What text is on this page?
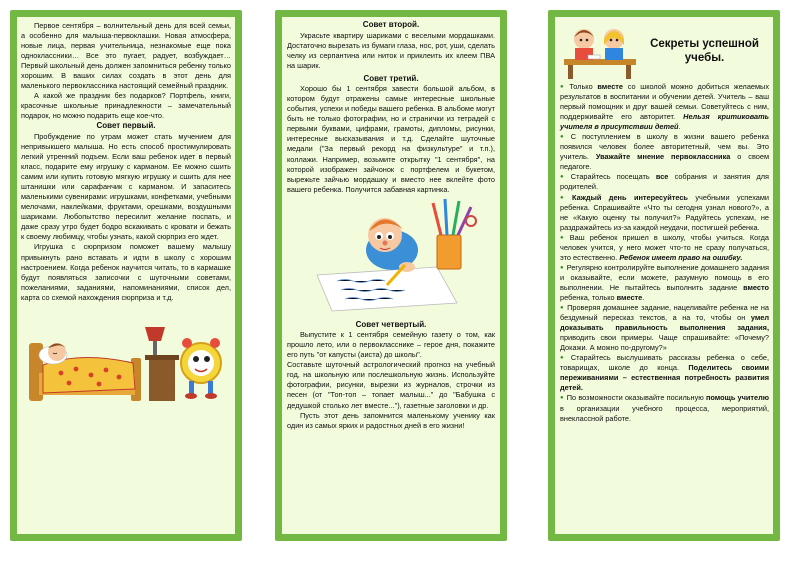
Первое сентября – волнительный день для всей семьи, а особенно для малыша-первоклашки. Новая атмосфера, новые лица, первая учительница, незнакомые еще пока одноклассники… Все это пугает, радует, возбуждает… Первый школьный день должен запомниться ребенку только хорошим. В ваших силах создать в этот день для маленького первоклассника настоящий семейный праздник.

А какой же праздник без подарков? Портфель, книги, красочные школьные принадлежности – замечательный подарок, но можно подарить еще кое-что.

Совет первый.

Пробуждение по утрам может стать мучением для непривыкшего малыша. Но есть способ простимулировать легкий утренний подъем. Если ваш ребенок идет в первый класс, подарите ему игрушку с карманом. Ее можно сшить самим или купить готовую мягкую игрушку и сшить для нее штанишки или сарафанчик с карманом. И запаситесь маленькими сувенирами: игрушками, конфетками, учебными мелочами, наклейками, фруктами, орешками, воздушными шариками. Любопытство пересилит желание поспать, и даже сразу утро будет бодро вскакивать с кровати и бежать к своему любимцу, чтобы узнать, какой сюрприз его ждет.

Игрушка с сюрпризом поможет вашему малышу привыкнуть рано вставать и идти в школу с хорошим настроением. Когда ребенок научится читать, то в кармашке будут появляться записочки с шуточными советами, пожеланиями, заданиями, напоминаниями, список дел, карта со схемой нахождения сюрприза и т.д.

Совет второй.

Украсьте квартиру шариками с веселыми мордашками. Достаточно вырезать из бумаги глаза, нос, рот, уши, сделать челку из серпантина или ниток и приклеить их клеем ПВА на шарик.

Совет третий.

Хорошо бы 1 сентября завести большой альбом, в котором будут отражены самые интересные школьные события, успехи и победы вашего ребенка. В альбоме могут быть не только фотографии, но и странички из тетрадей с первыми буквами, цифрами, грамоты, дипломы, рисунки, интересные высказывания и т.д. Сделайте шуточные медали ("За первый рекорд на физкультуре" и т.п.), коллажи. Например, возьмите открытку "1 сентября", на которой изображен зайчонок с портфелем и букетом, вырежьте зайчью мордашку и вместо нее вклейте фото вашего ребенка. Получится забавная картинка.

Совет четвертый.

Выпустите к 1 сентября семейную газету о том, как прошло лето, или о первокласснике – герое дня, покажите его путь "от капусты (аиста) до школы".

Составьте шуточный астрологический прогноз на учебный год, на школьную или послешкольную жизнь. Используйте фотографии, рисунки, вырезки из журналов, строчки из песен (от "Топ-топ – топает малыш..." до "Бабушка с дедушкой столько лет вместе..."), газетные заголовки и др.

Пусть этот день запомнится маленькому ученику как один из самых ярких и радостных дней в его жизни!

Секреты успешной учебы.

● Только вместе со школой можно добиться желаемых результатов в воспитании и обучении детей. Учитель – ваш первый помощник и друг вашей семьи. Советуйтесь с ним, поддерживайте его авторитет. Нельзя критиковать учителя в присутствии детей.

● С поступлением в школу в жизни вашего ребенка появился человек более авторитетный, чем вы. Это учитель. Уважайте мнение первоклассника о своем педагоге.

● Старайтесь посещать все собрания и занятия для родителей.

● Каждый день интересуйтесь учебными успехами ребенка. Спрашивайте «Что ты сегодня узнал нового?», а не «Какую оценку ты получил?» Радуйтесь успехам, не раздражайтесь из-за каждой неудачи, постигшей ребенка.

● Ваш ребенок пришел в школу, чтобы учиться. Когда человек учится, у него может что-то не сразу получаться, это естественно. Ребенок имеет право на ошибку.

● Регулярно контролируйте выполнение домашнего задания и оказывайте, если можете, разумную помощь в его выполнении. Не пытайтесь выполнить задание вместо ребенка, только вместе.

● Проверяя домашнее задание, нацеливайте ребенка не на бездумный пересказ текстов, а на то, чтобы он умел доказывать правильность выполнения задания, приводить свои примеры. Чаще спрашивайте: «Почему? Докажи. А можно по-другому?»

● Старайтесь выслушивать рассказы ребенка о себе, товарищах, школе до конца. Поделитесь своими переживаниями – естественная потребность развития детей.

● По возможности оказывайте посильную помощь учителю в организации учебного процесса, мероприятий, внеклассной работе.
